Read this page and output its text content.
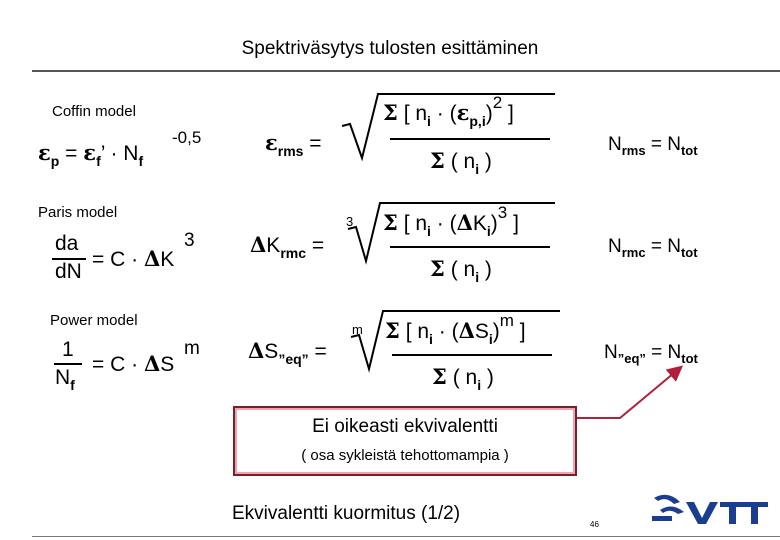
Spektriväsytys tulosten esittäminen
Coffin model
$\varepsilon_p = \varepsilon_f$’ · $N_f$
-0,5
Paris model
da
dN
= C · ΔK
3
Power model
1
$N_f$
= C · ΔS
m
$\varepsilon_{rms}$ =
Σ [ $n_i \cdot (\varepsilon_{p,i})^2$ ]
Σ ( $n_i$ )
$N_{rms} = N_{tot}$
$\Delta K_{rmc}$ =
3 Σ [ $n_i \cdot (\Delta K_i)^3$ ]
Σ ( $n_i$ )
$N_{rmc} = N_{tot}$
$\Delta S_{”eq”}$ =
m Σ [ $n_i \cdot (\Delta S_i)^m$ ]
Σ ( $n_i$ )
$N_{”eq”} = N_{tot}$
Ei oikeasti ekvivalentti
( osa sykleistä tehottomampia )
Ekvivalentti kuormitus (1/2)
46
